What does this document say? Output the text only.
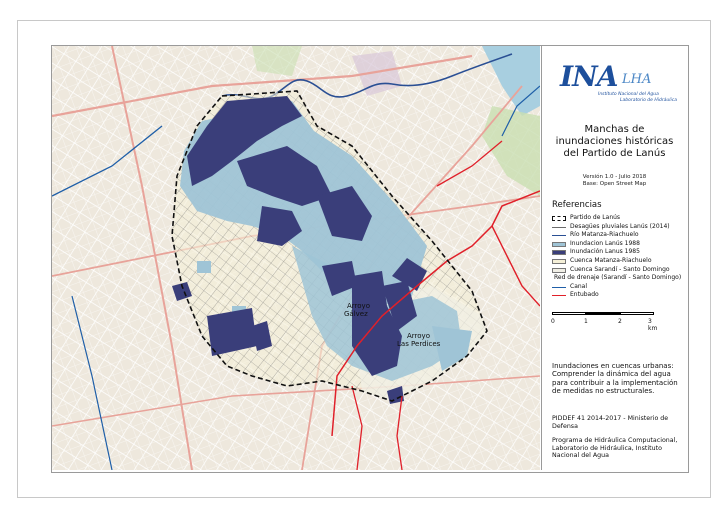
Arroyo
Gálvez
Arroyo
Las Perdices
INA LHA
Instituto Nacional del Agua
Laboratorio de Hidráulica
Manchas de
inundaciones históricas
del Partido de Lanús
Versión 1.0 - Julio 2018
Base: Open Street Map
Referencias
Partido de Lanús
Desagües pluviales Lanús (2014)
Río Matanza-Riachuelo
Inundacion Lanús 1988
Inundación Lanus 1985
Cuenca Matanza-Riachuelo
Cuenca Sarandí - Santo Domingo
Red de drenaje (Sarandí - Santo Domingo)
Canal
Entubado
0	1	2	3 km
Inundaciones en cuencas urbanas: Comprender la dinámica del agua para contribuir a la implementación de medidas no estructurales.
PIDDEF 41 2014-2017 - Ministerio de Defensa
Programa de Hidráulica Computacional, Laboratorio de Hidráulica, Instituto Nacional del Agua
